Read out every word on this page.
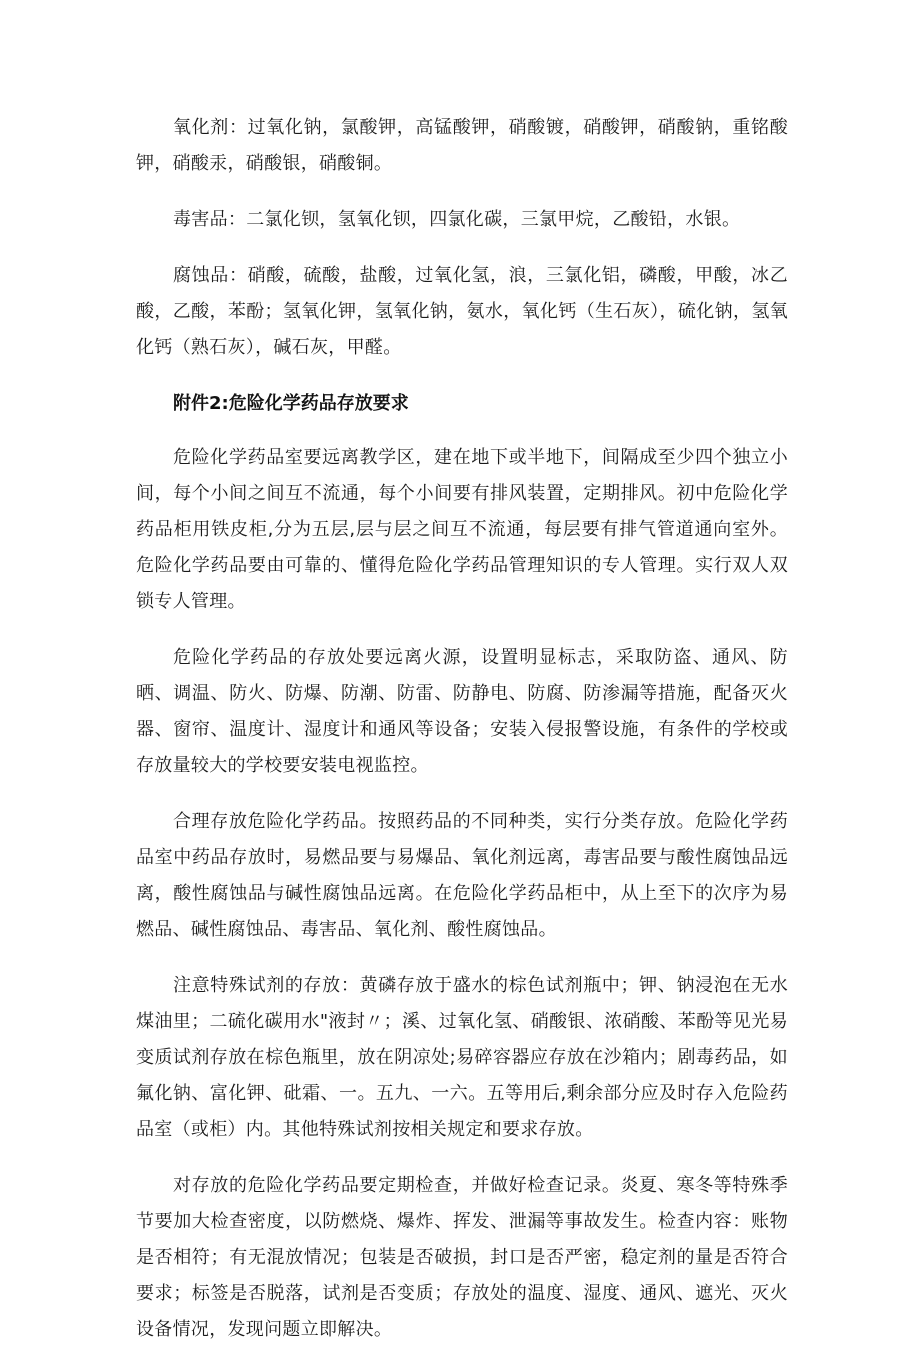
氧化剂：过氧化钠，氯酸钾，高锰酸钾，硝酸镀，硝酸钾，硝酸钠，重铭酸钾，硝酸汞，硝酸银，硝酸铜。

毒害品：二氯化钡，氢氧化钡，四氯化碳，三氯甲烷，乙酸铅，水银。

腐蚀品：硝酸，硫酸，盐酸，过氧化氢，浪，三氯化铝，磷酸，甲酸，冰乙酸，乙酸，苯酚；氢氧化钾，氢氧化钠，氨水，氧化钙（生石灰），硫化钠，氢氧化钙（熟石灰），碱石灰，甲醛。

附件2:危险化学药品存放要求

危险化学药品室要远离教学区，建在地下或半地下，间隔成至少四个独立小间，每个小间之间互不流通，每个小间要有排风装置，定期排风。初中危险化学药品柜用铁皮柜,分为五层,层与层之间互不流通，每层要有排气管道通向室外。危险化学药品要由可靠的、懂得危险化学药品管理知识的专人管理。实行双人双锁专人管理。

危险化学药品的存放处要远离火源，设置明显标志，采取防盗、通风、防晒、调温、防火、防爆、防潮、防雷、防静电、防腐、防渗漏等措施，配备灭火器、窗帘、温度计、湿度计和通风等设备；安装入侵报警设施，有条件的学校或存放量较大的学校要安装电视监控。

合理存放危险化学药品。按照药品的不同种类，实行分类存放。危险化学药品室中药品存放时，易燃品要与易爆品、氧化剂远离，毒害品要与酸性腐蚀品远离，酸性腐蚀品与碱性腐蚀品远离。在危险化学药品柜中，从上至下的次序为易燃品、碱性腐蚀品、毒害品、氧化剂、酸性腐蚀品。

注意特殊试剂的存放：黄磷存放于盛水的棕色试剂瓶中；钾、钠浸泡在无水煤油里；二硫化碳用水"液封〃；溪、过氧化氢、硝酸银、浓硝酸、苯酚等见光易变质试剂存放在棕色瓶里，放在阴凉处;易碎容器应存放在沙箱内；剧毒药品，如氟化钠、富化钾、砒霜、一。五九、一六。五等用后,剩余部分应及时存入危险药品室（或柜）内。其他特殊试剂按相关规定和要求存放。

对存放的危险化学药品要定期检查，并做好检查记录。炎夏、寒冬等特殊季节要加大检查密度，以防燃烧、爆炸、挥发、泄漏等事故发生。检查内容：账物是否相符；有无混放情况；包装是否破损，封口是否严密，稳定剂的量是否符合要求；标签是否脱落，试剂是否变质；存放处的温度、湿度、通风、遮光、灭火设备情况，发现问题立即解决。
